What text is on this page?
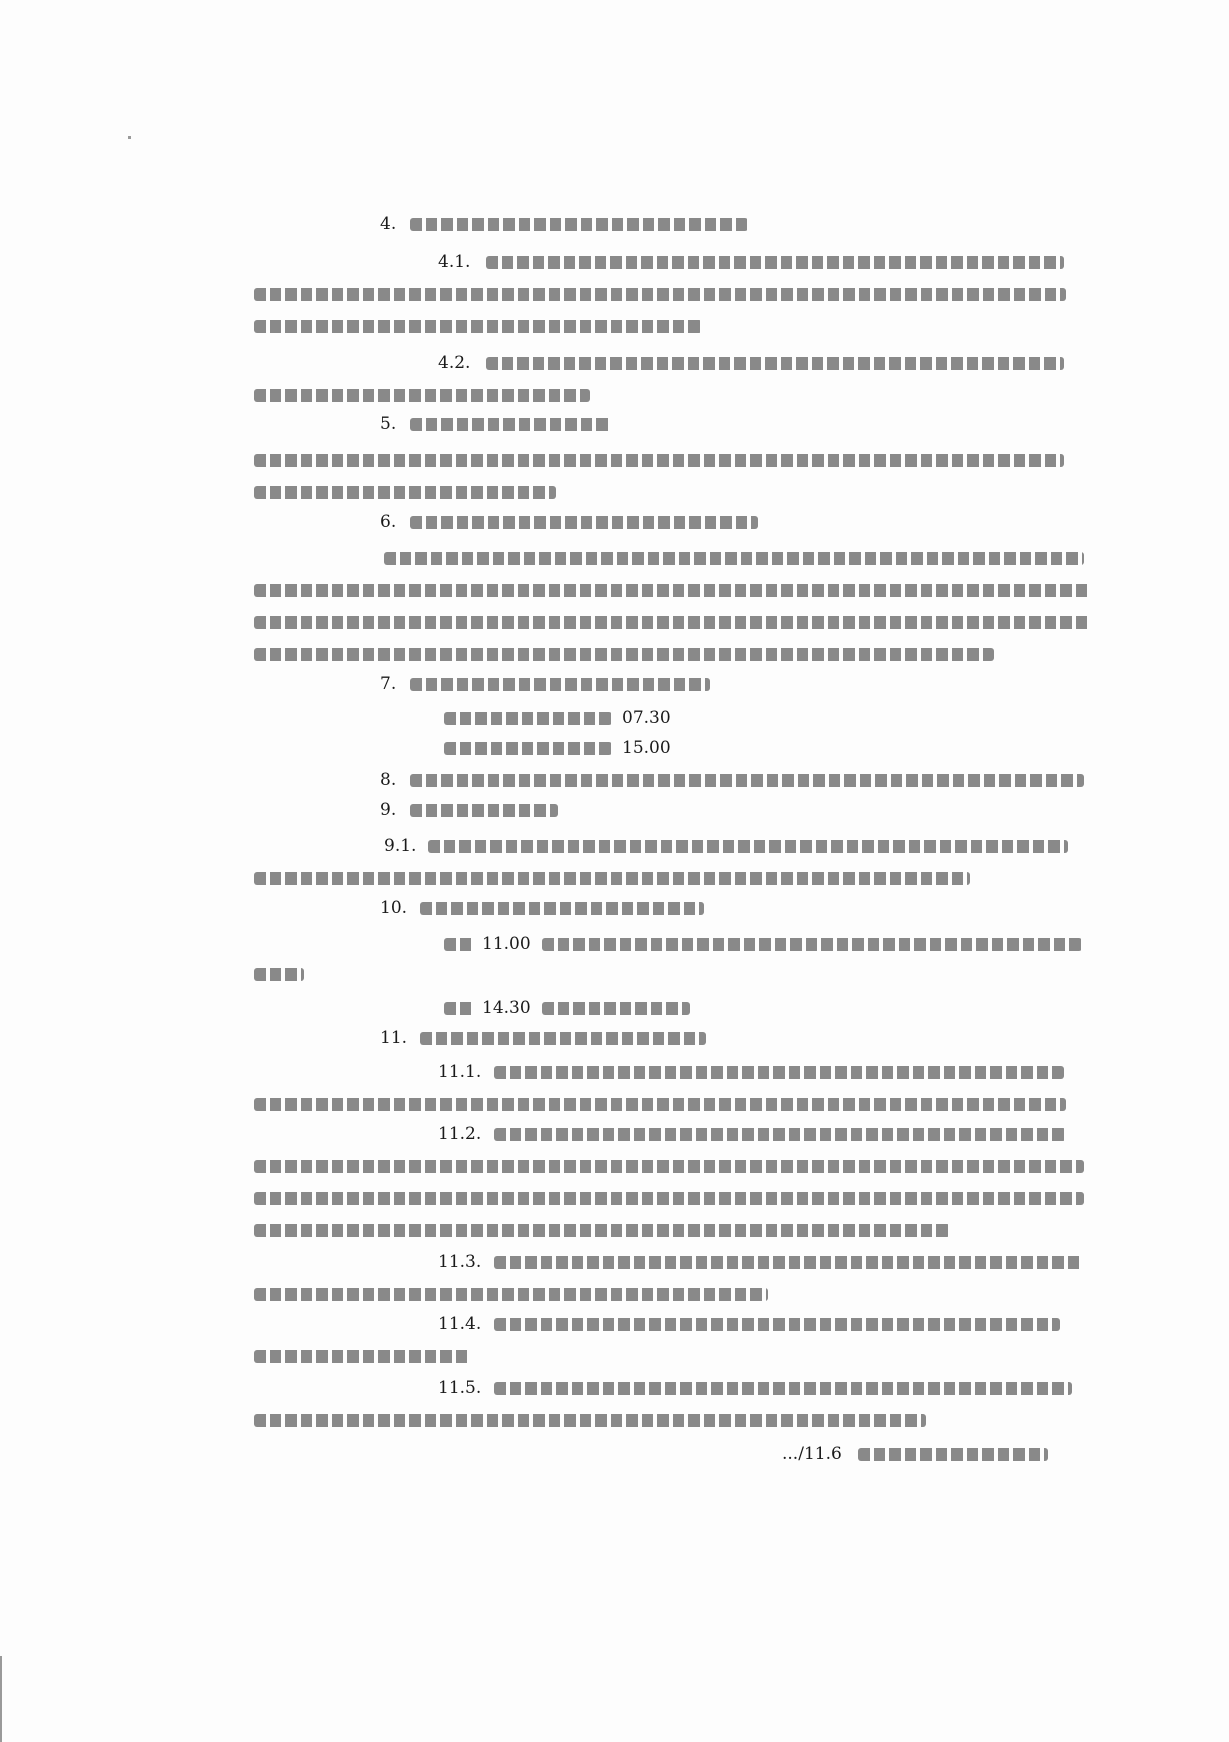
4.
4.1.
4.2.
5.
6.
7.
07.30
15.00
8.
9.
9.1.
10.
11.00
14.30
11.
11.1.
11.2.
11.3.
11.4.
11.5.
.../11.6
